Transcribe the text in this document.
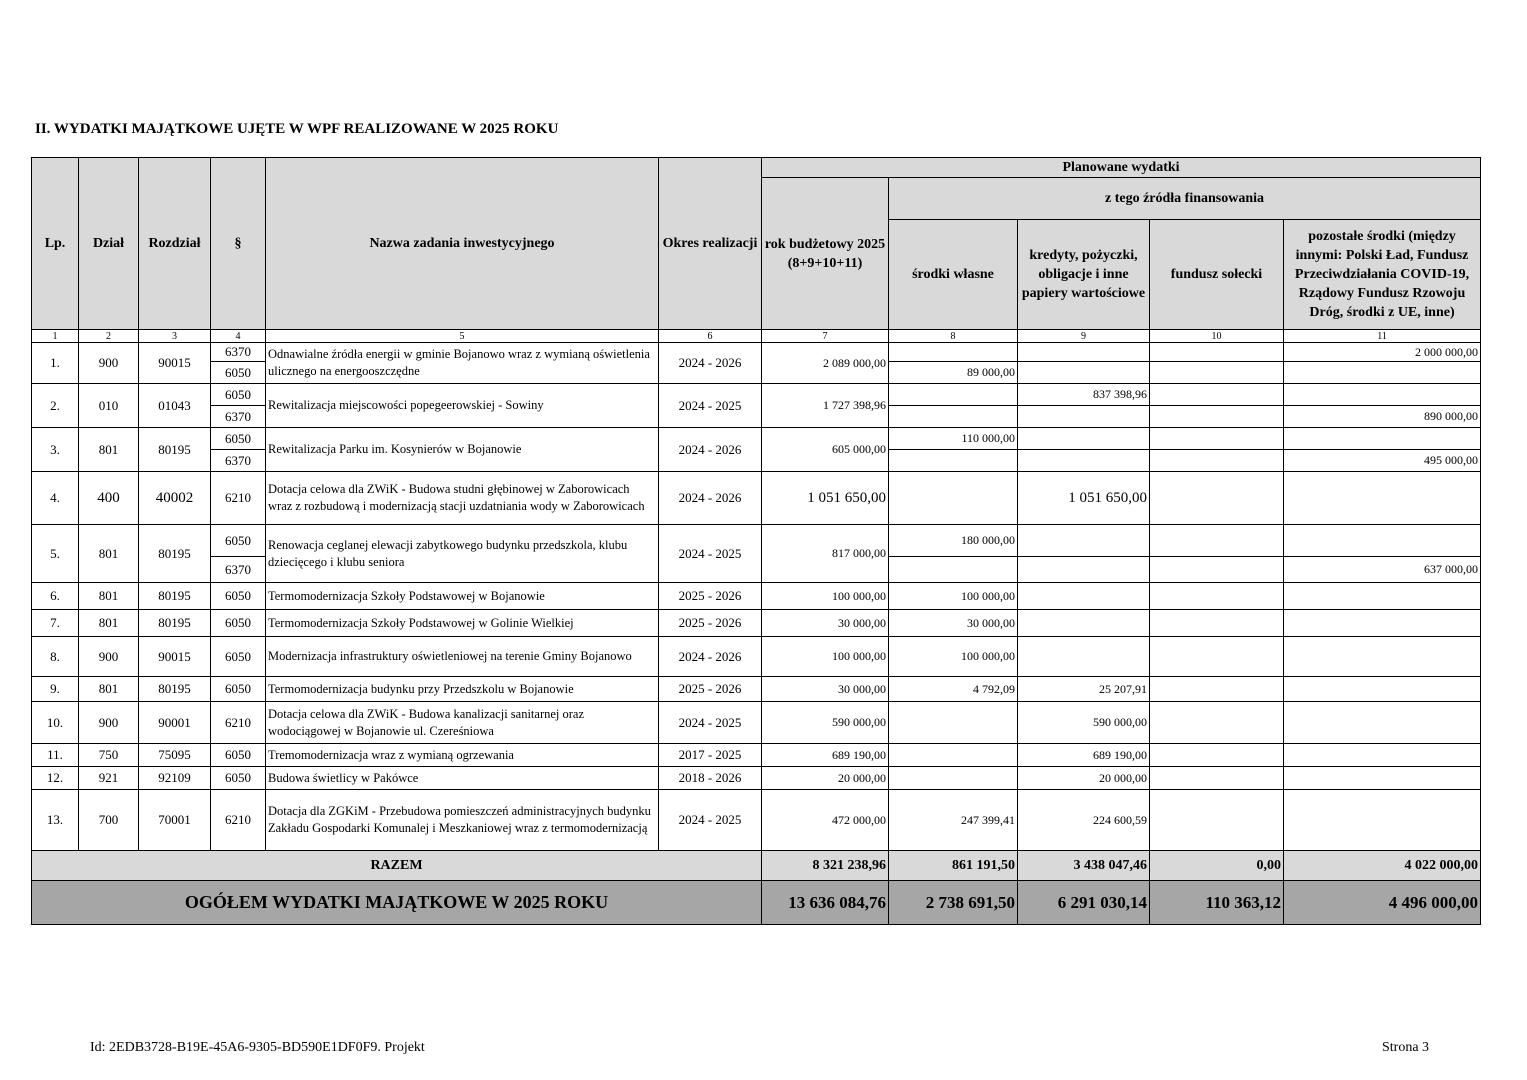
II. WYDATKI MAJĄTKOWE UJĘTE W WPF REALIZOWANE W 2025 ROKU
Lp.	Dział	Rozdział	§	Nazwa zadania inwestycyjnego	Okres realizacji	Planowane wydatki				
						rok budżetowy 2025 (8+9+10+11)	z tego źródła finansowania			
							środki własne	kredyty, pożyczki, obligacje i inne papiery wartościowe	fundusz sołecki	pozostałe środki (między innymi: Polski Ład, Fundusz Przeciwdziałania COVID-19, Rządowy Fundusz Rzowoju Dróg, środki z UE, inne)

1	2	3	4	5	6	7	8	9	10	11
1.	900	90015	6370	Odnawialne źródła energii w gminie Bojanowo wraz z wymianą oświetlenia ulicznego na energooszczędne	2024 - 2026	2 089 000,00				2 000 000,00
			6050				89 000,00			
2.	010	01043	6050	Rewitalizacja miejscowości popegeerowskiej - Sowiny	2024 - 2025	1 727 398,96		837 398,96		
			6370							890 000,00
3.	801	80195	6050	Rewitalizacja Parku im. Kosynierów w Bojanowie	2024 - 2026	605 000,00	110 000,00			
			6370							495 000,00
4.	400	40002	6210	Dotacja celowa dla ZWiK - Budowa studni głębinowej w Zaborowicach wraz z rozbudową i modernizacją stacji uzdatniania wody w Zaborowicach	2024 - 2026	1 051 650,00		1 051 650,00		
5.	801	80195	6050	Renowacja ceglanej elewacji zabytkowego budynku przedszkola, klubu dziecięcego i klubu seniora	2024 - 2025	817 000,00	180 000,00			
			6370							637 000,00
6.	801	80195	6050	Termomodernizacja Szkoły Podstawowej w Bojanowie	2025 - 2026	100 000,00	100 000,00			
7.	801	80195	6050	Termomodernizacja Szkoły Podstawowej w Golinie Wielkiej	2025 - 2026	30 000,00	30 000,00			
8.	900	90015	6050	Modernizacja infrastruktury oświetleniowej na terenie Gminy Bojanowo	2024 - 2026	100 000,00	100 000,00			
9.	801	80195	6050	Termomodernizacja budynku przy Przedszkolu w Bojanowie	2025 - 2026	30 000,00	4 792,09	25 207,91		
10.	900	90001	6210	Dotacja celowa dla ZWiK - Budowa kanalizacji sanitarnej oraz wodociągowej w Bojanowie ul. Czereśniowa	2024 - 2025	590 000,00		590 000,00		
11.	750	75095	6050	Tremomodernizacja wraz z wymianą ogrzewania	2017 - 2025	689 190,00		689 190,00		
12.	921	92109	6050	Budowa świetlicy w Pakówce	2018 - 2026	20 000,00		20 000,00		
13.	700	70001	6210	Dotacja dla ZGKiM - Przebudowa pomieszczeń administracyjnych budynku Zakładu Gospodarki Komunalej i Meszkaniowej wraz z termomodernizacją	2024 - 2025	472 000,00	247 399,41	224 600,59		
RAZEM						8 321 238,96	861 191,50	3 438 047,46	0,00	4 022 000,00
OGÓŁEM WYDATKI MAJĄTKOWE W 2025 ROKU						13 636 084,76	2 738 691,50	6 291 030,14	110 363,12	4 496 000,00
Id: 2EDB3728-B19E-45A6-9305-BD590E1DF0F9. Projekt	Strona 3
